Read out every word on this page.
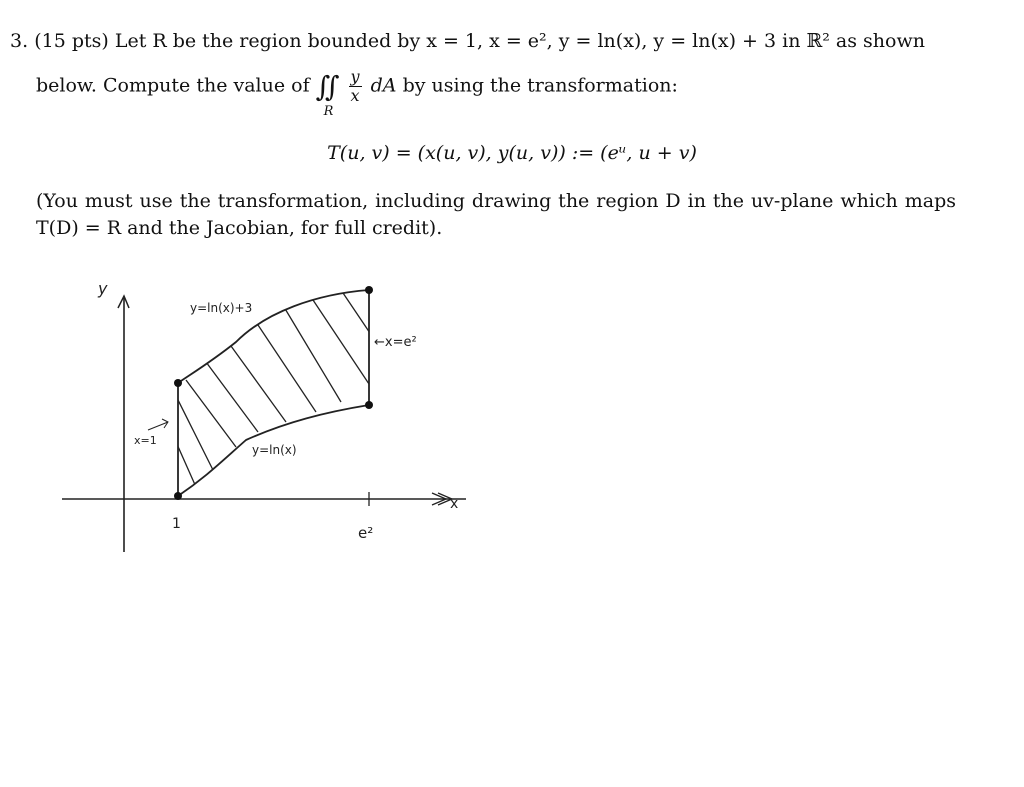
3. (15 pts) Let R be the region bounded by x = 1, x = e², y = ln(x), y = ln(x) + 3 in ℝ² as shown
below. Compute the value of ∬
R

$\frac{y}{x}$ dA by using the transformation:
T(u, v) = (x(u, v), y(u, v)) := (eᵘ, u + v)
(You must use the transformation, including drawing the region D in the uv-plane which maps T(D) = R and the Jacobian, for full credit).
y
x
y=ln(x)+3
y=ln(x)
x=1
←x=e²
1	e²
